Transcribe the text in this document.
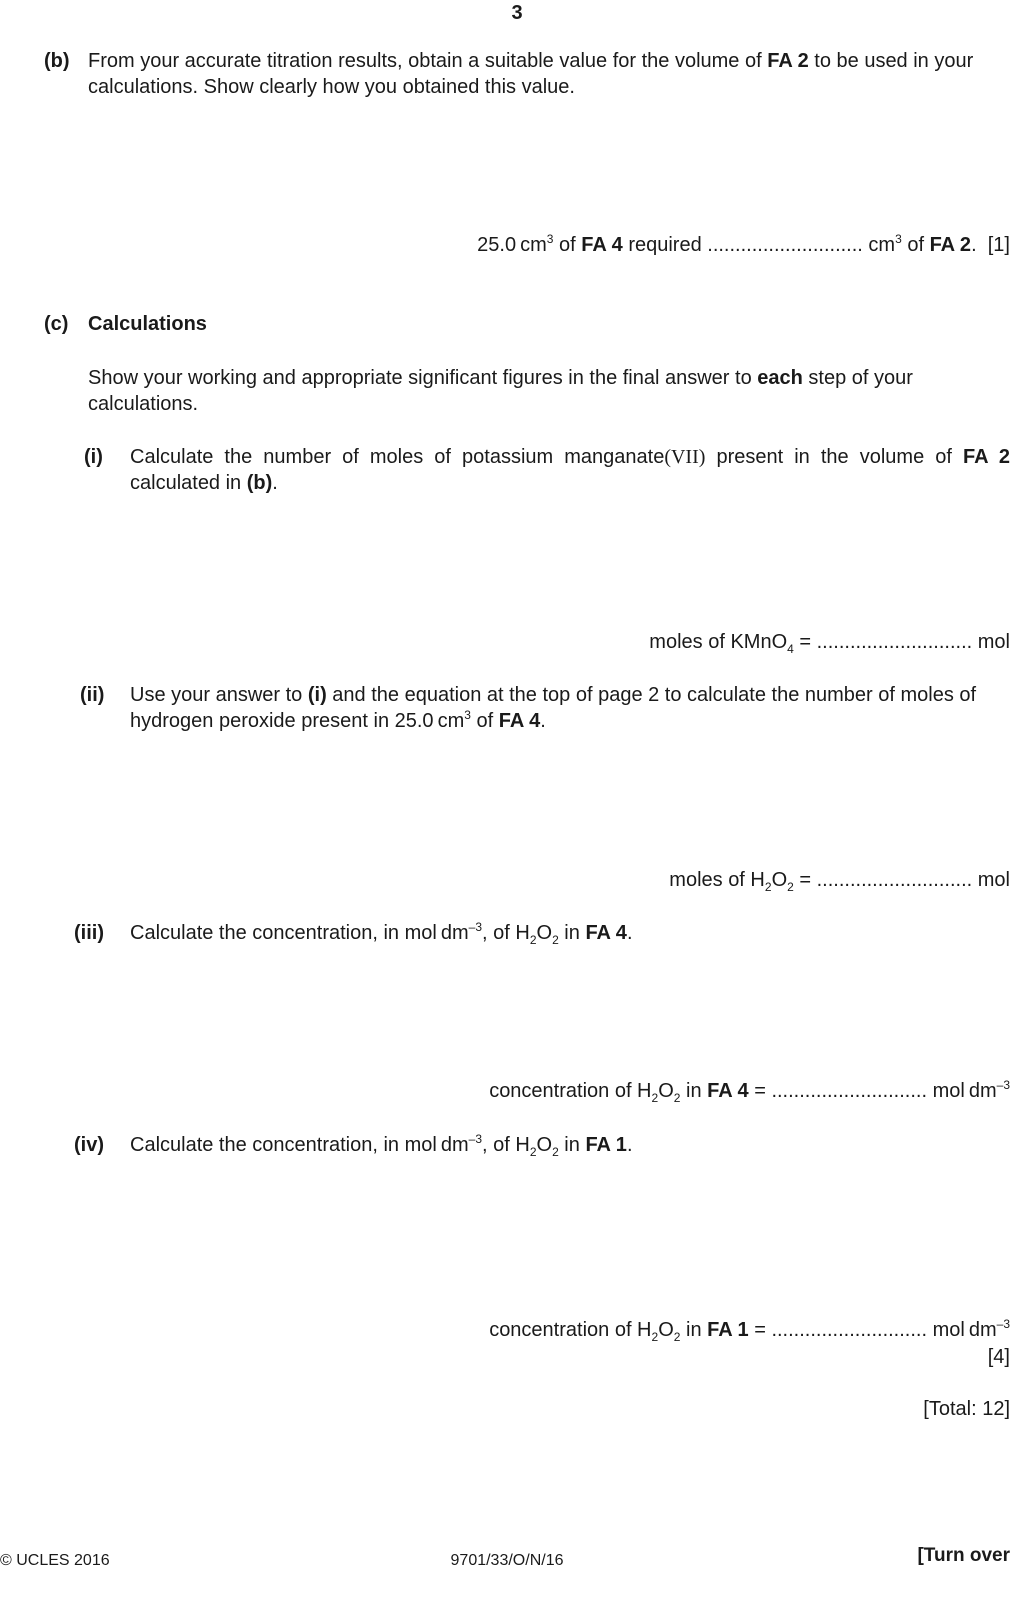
3
(b) From your accurate titration results, obtain a suitable value for the volume of FA 2 to be used in your calculations. Show clearly how you obtained this value.
25.0  $cm^3$ of FA 4 required ............................ $cm^3$ of FA 2. [1]
(c) Calculations
Show your working and appropriate significant figures in the final answer to each step of your calculations.
(i) Calculate the number of moles of potassium manganate(VII) present in the volume of FA 2 calculated in (b).
moles of KMnO$_4$ = ............................ mol
(ii) Use your answer to (i) and the equation at the top of page 2 to calculate the number of moles of hydrogen peroxide present in 25.0  $cm^3$ of FA 4.
moles of $H_2O_2$ = ............................ mol
(iii) Calculate the concentration, in mol  $dm^{-3}$, of $H_2O_2$ in FA 4.
concentration of $H_2O_2$ in FA 4 = ............................ mol  $dm^{-3}$
(iv) Calculate the concentration, in mol  $dm^{-3}$, of $H_2O_2$ in FA 1.
concentration of $H_2O_2$ in FA 1 = ............................ mol  $dm^{-3}$
[4]
[Total: 12]
© UCLES 2016	9701/33/O/N/16	[Turn over
